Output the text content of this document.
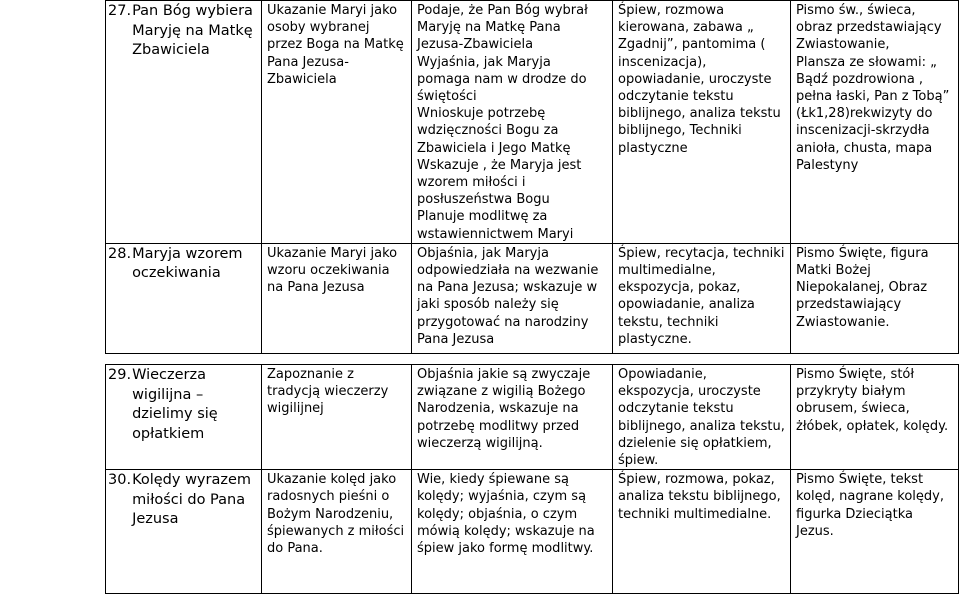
27. Pan Bóg wybiera Maryję na Matkę Zbawiciela	Ukazanie Maryi jako osoby wybranej przez Boga na Matkę Pana Jezusa-Zbawiciela	Podaje, że Pan Bóg wybrał Maryję na Matkę Pana Jezusa-Zbawiciela
Wyjaśnia, jak Maryja pomaga nam w drodze do świętości
Wnioskuje potrzebę wdzięczności Bogu za Zbawiciela i Jego Matkę
Wskazuje , że Maryja jest wzorem miłości i posłuszeństwa Bogu
Planuje modlitwę za wstawiennictwem Maryi	Śpiew, rozmowa kierowana, zabawa „ Zgadnij”, pantomima ( inscenizacja), opowiadanie, uroczyste odczytanie tekstu biblijnego, analiza tekstu biblijnego, Techniki plastyczne	Pismo św., świeca, obraz przedstawiający Zwiastowanie,
Plansza ze słowami: „ Bądź pozdrowiona , pełna łaski, Pan z Tobą” (Łk1,28)rekwizyty do inscenizacji-skrzydła anioła, chusta, mapa Palestyny

28. Maryja wzorem oczekiwania	Ukazanie Maryi jako wzoru oczekiwania na Pana Jezusa	Objaśnia, jak Maryja odpowiedziała na wezwanie na Pana Jezusa; wskazuje w jaki sposób należy się przygotować na narodziny Pana Jezusa	Śpiew, recytacja, techniki multimedialne, ekspozycja, pokaz, opowiadanie, analiza tekstu, techniki plastyczne.	Pismo Święte, figura Matki Bożej Niepokalanej, Obraz przedstawiający Zwiastowanie.
29. Wieczerza wigilijna – dzielimy się opłatkiem	Zapoznanie z tradycją wieczerzy wigilijnej	Objaśnia jakie są zwyczaje związane z wigilią Bożego Narodzenia, wskazuje na potrzebę modlitwy przed wieczerzą wigilijną.	Opowiadanie, ekspozycja, uroczyste odczytanie tekstu biblijnego, analiza tekstu, dzielenie się opłatkiem, śpiew.	Pismo Święte, stół przykryty białym obrusem, świeca, żłóbek, opłatek, kolędy.

30. Kolędy wyrazem miłości do Pana Jezusa	Ukazanie kolęd jako radosnych pieśni o Bożym Narodzeniu, śpiewanych z miłości do Pana.	Wie, kiedy śpiewane są kolędy; wyjaśnia, czym są kolędy; objaśnia, o czym mówią kolędy; wskazuje na śpiew jako formę modlitwy.	Śpiew, rozmowa, pokaz, analiza tekstu biblijnego, techniki multimedialne.	Pismo Święte, tekst kolęd, nagrane kolędy, figurka Dzieciątka Jezus.
